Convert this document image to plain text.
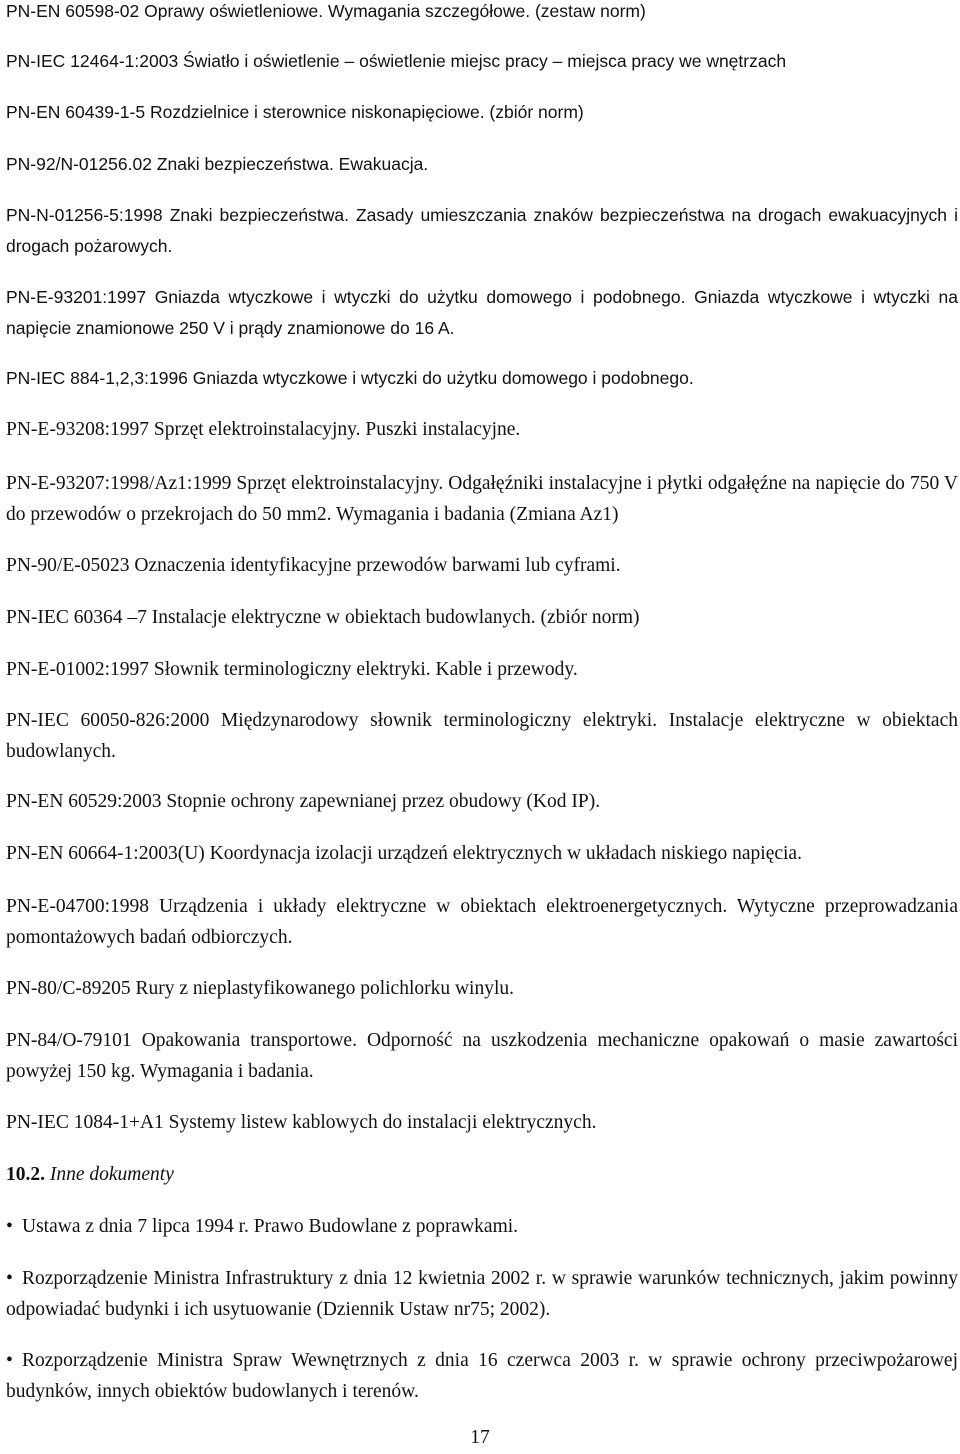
PN-EN 60598-02 Oprawy oświetleniowe. Wymagania szczegółowe. (zestaw norm)

PN-IEC 12464-1:2003 Światło i oświetlenie – oświetlenie miejsc pracy – miejsca pracy we wnętrzach

PN-EN 60439-1-5 Rozdzielnice i sterownice niskonapięciowe. (zbiór norm)

PN-92/N-01256.02 Znaki bezpieczeństwa. Ewakuacja.

PN-N-01256-5:1998 Znaki bezpieczeństwa. Zasady umieszczania znaków bezpieczeństwa na drogach ewakuacyjnych i drogach pożarowych.

PN-E-93201:1997 Gniazda wtyczkowe i wtyczki do użytku domowego i podobnego. Gniazda wtyczkowe i wtyczki na napięcie znamionowe 250 V i prądy znamionowe do 16 A.

PN-IEC 884-1,2,3:1996 Gniazda wtyczkowe i wtyczki do użytku domowego i podobnego.

PN-E-93208:1997 Sprzęt elektroinstalacyjny. Puszki instalacyjne.

PN-E-93207:1998/Az1:1999 Sprzęt elektroinstalacyjny. Odgałęźniki instalacyjne i płytki odgałęźne na napięcie do 750 V do przewodów o przekrojach do 50 mm2. Wymagania i badania (Zmiana Az1)

PN-90/E-05023 Oznaczenia identyfikacyjne przewodów barwami lub cyframi.

PN-IEC 60364 –7 Instalacje elektryczne w obiektach budowlanych. (zbiór norm)

PN-E-01002:1997 Słownik terminologiczny elektryki. Kable i przewody.

PN-IEC 60050-826:2000 Międzynarodowy słownik terminologiczny elektryki. Instalacje elektryczne w obiektach budowlanych.

PN-EN 60529:2003 Stopnie ochrony zapewnianej przez obudowy (Kod IP).

PN-EN 60664-1:2003(U) Koordynacja izolacji urządzeń elektrycznych w układach niskiego napięcia.

PN-E-04700:1998 Urządzenia i układy elektryczne w obiektach elektroenergetycznych. Wytyczne przeprowadzania pomontażowych badań odbiorczych.

PN-80/C-89205 Rury z nieplastyfikowanego polichlorku winylu.

PN-84/O-79101 Opakowania transportowe. Odporność na uszkodzenia mechaniczne opakowań o masie zawartości powyżej 150 kg. Wymagania i badania.

PN-IEC 1084-1+A1 Systemy listew kablowych do instalacji elektrycznych.

10.2. Inne dokumenty

• Ustawa z dnia 7 lipca 1994 r. Prawo Budowlane z poprawkami.

• Rozporządzenie Ministra Infrastruktury z dnia 12 kwietnia 2002 r. w sprawie warunków technicznych, jakim powinny odpowiadać budynki i ich usytuowanie (Dziennik Ustaw nr75; 2002).

• Rozporządzenie Ministra Spraw Wewnętrznych z dnia 16 czerwca 2003 r. w sprawie ochrony przeciwpożarowej budynków, innych obiektów budowlanych i terenów.

17
